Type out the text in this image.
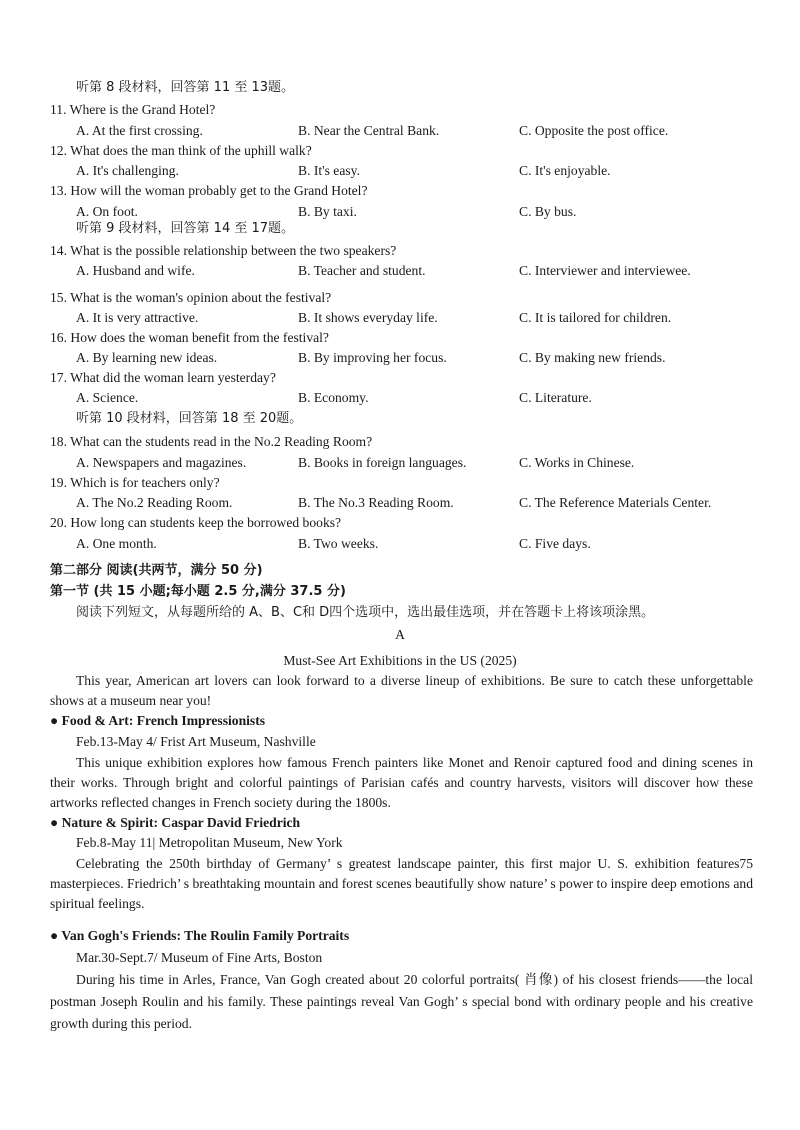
听第 8 段材料，回答第 11 至 13题。
11. Where is the Grand Hotel?
A. At the first crossing.	B. Near the Central Bank.	C. Opposite the post office.
12. What does the man think of the uphill walk?
A. It's challenging.	B. It's easy.	C. It's enjoyable.
13. How will the woman probably get to the Grand Hotel?
A. On foot.	B. By taxi.	C. By bus.
听第 9 段材料，回答第 14 至 17题。
14. What is the possible relationship between the two speakers?
A. Husband and wife.	B. Teacher and student.	C. Interviewer and interviewee.
15. What is the woman's opinion about the festival?
A. It is very attractive.	B. It shows everyday life.	C. It is tailored for children.
16. How does the woman benefit from the festival?
A. By learning new ideas.	B. By improving her focus.	C. By making new friends.
17. What did the woman learn yesterday?
A. Science.	B. Economy.	C. Literature.
听第 10 段材料，回答第 18 至 20题。
18. What can the students read in the No.2 Reading Room?
A. Newspapers and magazines.	B. Books in foreign languages.	C. Works in Chinese.
19. Which is for teachers only?
A. The No.2 Reading Room.	B. The No.3 Reading Room.	C. The Reference Materials Center.
20. How long can students keep the borrowed books?
A. One month.	B. Two weeks.	C. Five days.
第二部分 阅读(共两节，满分 50 分)
第一节 (共 15 小题;每小题 2.5 分,满分 37.5 分)
阅读下列短文，从每题所给的 A、B、C和 D四个选项中，选出最佳选项，并在答题卡上将该项涂黑。
A
Must-See Art Exhibitions in the US (2025)
This year, American art lovers can look forward to a diverse lineup of exhibitions. Be sure to catch these unforgettable shows at a museum near you!
● Food & Art: French Impressionists
Feb.13-May 4/ Frist Art Museum, Nashville
This unique exhibition explores how famous French painters like Monet and Renoir captured food and dining scenes in their works. Through bright and colorful paintings of Parisian cafés and country harvests, visitors will discover how these artworks reflected changes in French society during the 1800s.
● Nature & Spirit: Caspar David Friedrich
Feb.8-May 11| Metropolitan Museum, New York
Celebrating the 250th birthday of Germany’ s greatest landscape painter, this first major U. S. exhibition features75 masterpieces. Friedrich’ s breathtaking mountain and forest scenes beautifully show nature’ s power to inspire deep emotions and spiritual feelings.
● Van Gogh's Friends: The Roulin Family Portraits
Mar.30-Sept.7/ Museum of Fine Arts, Boston
During his time in Arles, France, Van Gogh created about 20 colorful portraits( 肖像) of his closest friends——the local postman Joseph Roulin and his family. These paintings reveal Van Gogh’ s special bond with ordinary people and his creative growth during this period.
